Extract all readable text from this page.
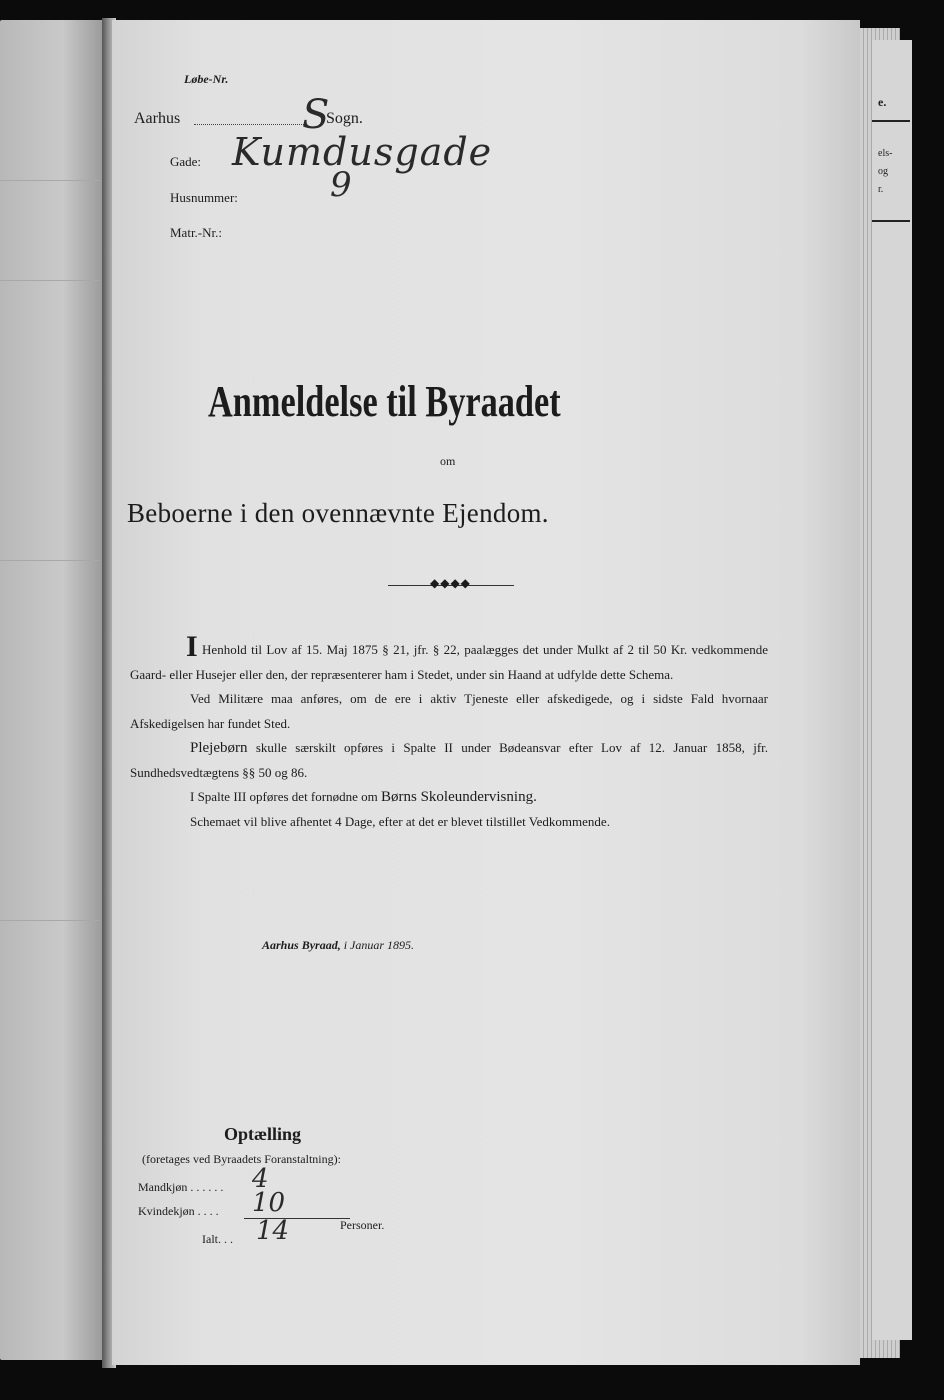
e.
els-
og
r.
Løbe-Nr.
Aarhus	S
Sogn.
Gade: Kumdusgade
Husnummer:	9
Matr.-Nr.:
Anmeldelse til Byraadet
om
Beboerne i den ovennævnte Ejendom.
◆◆◆◆

I Henhold til Lov af 15. Maj 1875 § 21, jfr. § 22, paalægges det under Mulkt af 2 til 50 Kr. vedkommende Gaard- eller Husejer eller den, der repræsenterer ham i Stedet, under sin Haand at udfylde dette Schema.

Ved Militære maa anføres, om de ere i aktiv Tjeneste eller afskedigede, og i sidste Fald hvornaar Afskedigelsen har fundet Sted.

Plejebørn skulle særskilt opføres i Spalte II under Bødeansvar efter Lov af 12. Januar 1858, jfr. Sundhedsvedtægtens §§ 50 og 86.

I Spalte III opføres det fornødne om Børns Skoleundervisning.

Schemaet vil blive afhentet 4 Dage, efter at det er blevet tilstillet Vedkommende.

Aarhus Byraad, i Januar 1895.
Optælling
(foretages ved Byraadets Foranstaltning):
Mandkjøn . . . . . . 4
Kvindekjøn . . . . 10
Ialt. . . 14	Personer.
